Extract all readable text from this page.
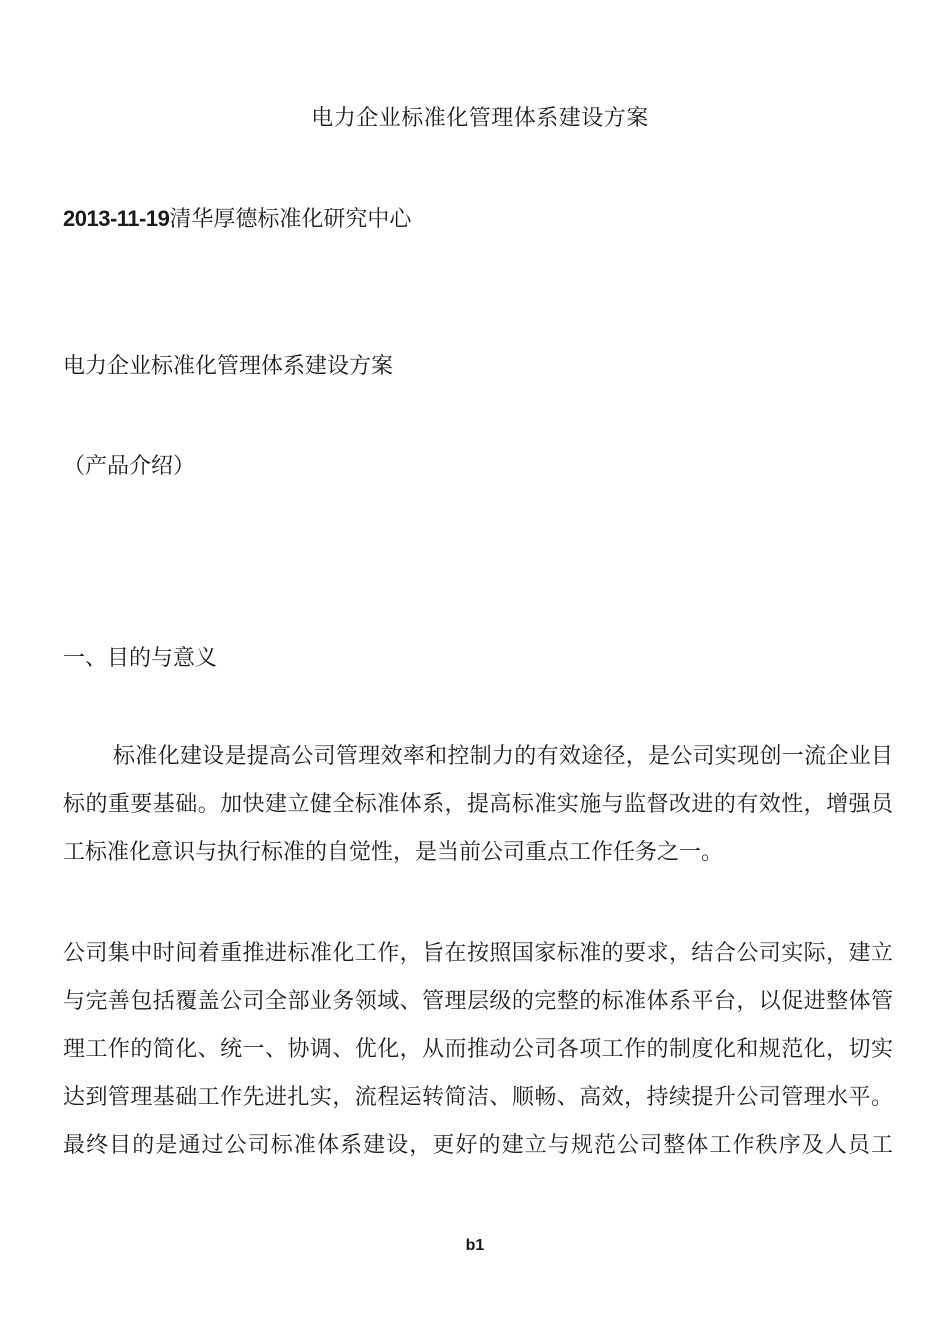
电力企业标准化管理体系建设方案
2013-11-19清华厚德标准化研究中心
电力企业标准化管理体系建设方案
（产品介绍）
一、目的与意义
标准化建设是提高公司管理效率和控制力的有效途径，是公司实现创一流企业目
标的重要基础。加快建立健全标准体系，提高标准实施与监督改进的有效性，增强员
工标准化意识与执行标准的自觉性，是当前公司重点工作任务之一。
公司集中时间着重推进标准化工作，旨在按照国家标准的要求，结合公司实际，建立
与完善包括覆盖公司全部业务领域、管理层级的完整的标准体系平台，以促进整体管
理工作的简化、统一、协调、优化，从而推动公司各项工作的制度化和规范化，切实
达到管理基础工作先进扎实，流程运转简洁、顺畅、高效，持续提升公司管理水平。
最终目的是通过公司标准体系建设，更好的建立与规范公司整体工作秩序及人员工
b1
